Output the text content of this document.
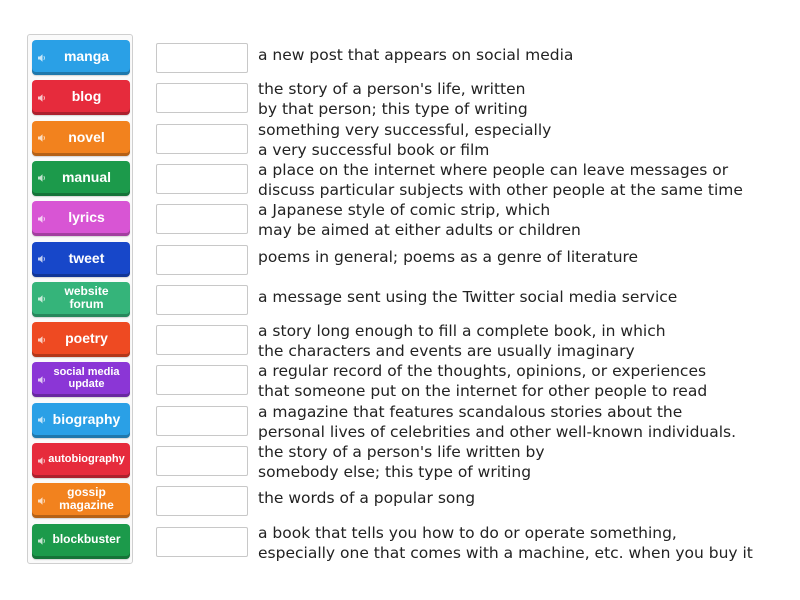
manga
blog
novel
manual
lyrics
tweet
website forum
poetry
social media update
biography
autobiography
gossip magazine
blockbuster
a new post that appears on social media
the story of a person's life, written
by that person; this type of writing
something very successful, especially
a very successful book or film
a place on the internet where people can leave messages or
discuss particular subjects with other people at the same time
a Japanese style of comic strip, which
may be aimed at either adults or children
poems in general; poems as a genre of literature
a message sent using the Twitter social media service
a story long enough to fill a complete book, in which
the characters and events are usually imaginary
a regular record of the thoughts, opinions, or experiences
that someone put on the internet for other people to read
a magazine that features scandalous stories about the
personal lives of celebrities and other well-known individuals.
the story of a person's life written by
somebody else; this type of writing
the words of a popular song
a book that tells you how to do or operate something,
especially one that comes with a machine, etc. when you buy it
